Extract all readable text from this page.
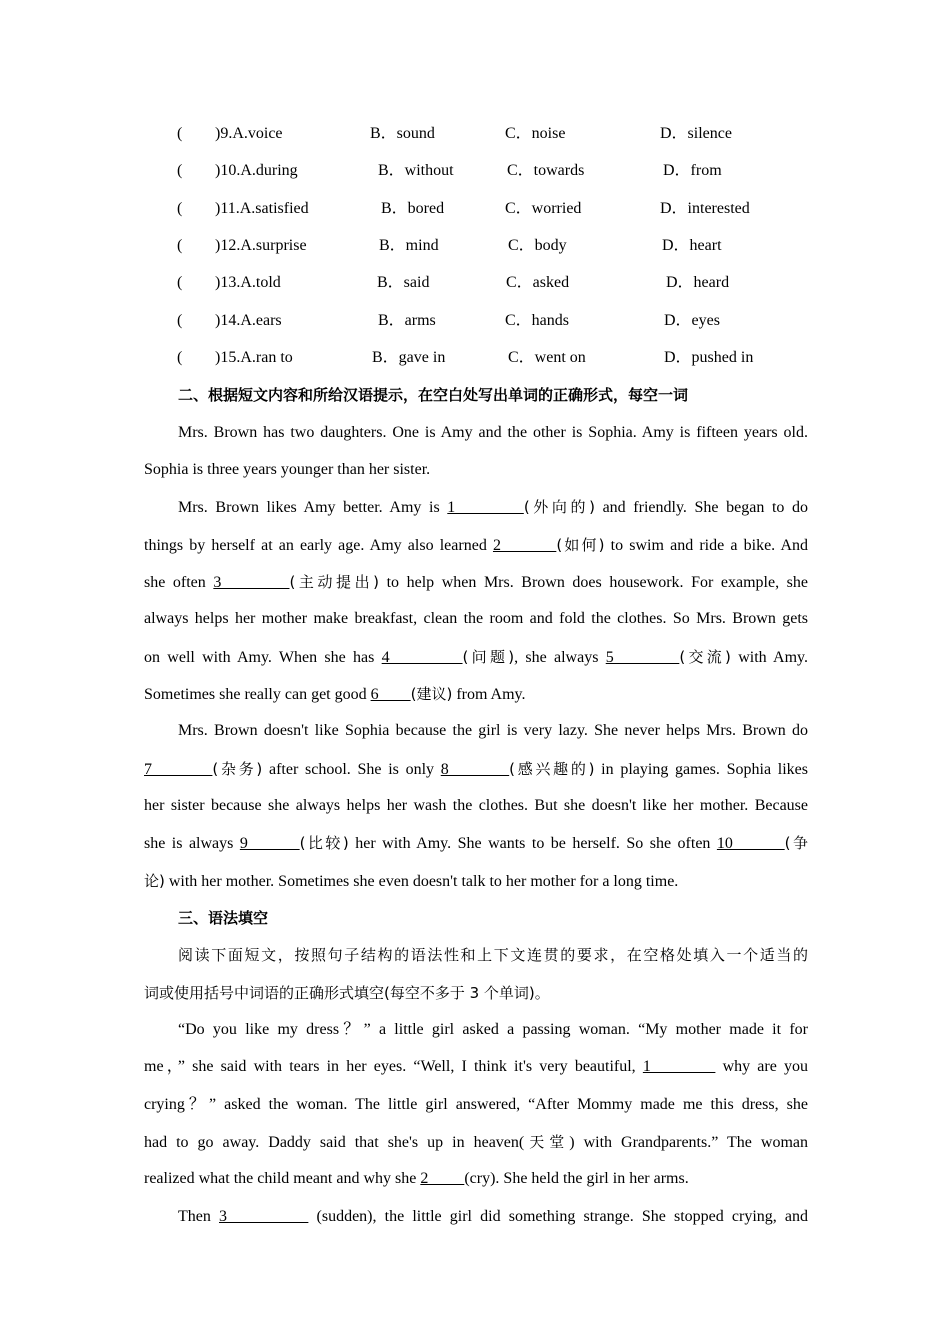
( )9.A.voice	B．sound	C．noise	D．silence
( )10.A.during	B．without	C．towards	D．from
( )11.A.satisfied	B．bored	C．worried	D．interested
( )12.A.surprise	B．mind	C．body	D．heart
( )13.A.told	B．said	C．asked	D．heard
( )14.A.ears	B．arms	C．hands	D．eyes
( )15.A.ran to	B．gave in	C．went on	D．pushed in
二、根据短文内容和所给汉语提示，在空白处写出单词的正确形式，每空一词
Mrs. Brown has two daughters. One is Amy and the other is Sophia. Amy is fifteen years old.
Sophia is three years younger than her sister.
Mrs. Brown likes Amy better. Amy is 1         (外向的) and friendly. She began to do
things by herself at an early age. Amy also learned 2         (如何) to swim and ride a bike. And
she often 3         (主动提出) to help when Mrs. Brown does housework. For example, she
always helps her mother make breakfast, clean the room and fold the clothes. So Mrs. Brown gets
on well with Amy. When she has 4          (问题), she always 5         (交流) with Amy.
Sometimes she really can get good 6        (建议) from Amy.
Mrs. Brown doesn't like Sophia because the girl is very lazy. She never helps Mrs. Brown do
7         (杂务) after school. She is only 8         (感兴趣的) in playing games. Sophia likes
her sister because she always helps her wash the clothes. But she doesn't like her mother. Because
she is always 9        (比较) her with Amy. She wants to be herself. So she often 10        (争
论) with her mother. Sometimes she even doesn't talk to her mother for a long time.
三、语法填空
阅读下面短文，按照句子结构的语法性和上下文连贯的要求，在空格处填入一个适当的
词或使用括号中词语的正确形式填空(每空不多于 3 个单词)。
“Do you like my dress？” a little girl asked a passing woman. “My mother made it for
me，” she said with tears in her eyes. “Well, I think it's very beautiful, 1          why are you
crying？” asked the woman. The little girl answered, “After Mommy made me this dress, she
had to go away. Daddy said that she's up in heaven(天堂) with Grandparents.” The woman
realized what the child meant and why she 2         (cry). She held the girl in her arms.
Then 3           (sudden), the little girl did something strange. She stopped crying, and
